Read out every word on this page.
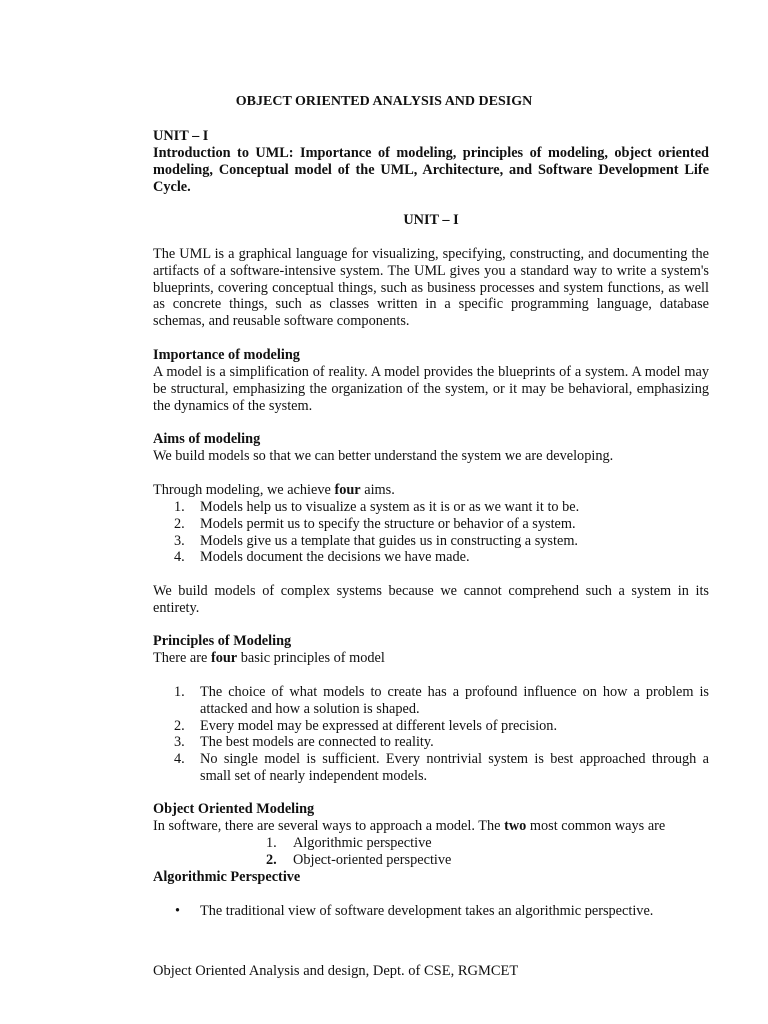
OBJECT ORIENTED ANALYSIS AND DESIGN
UNIT – I
Introduction to UML: Importance of modeling, principles of modeling, object oriented modeling, Conceptual model of the UML, Architecture, and Software Development Life Cycle.
UNIT – I
The UML is a graphical language for visualizing, specifying, constructing, and documenting the artifacts of a software-intensive system. The UML gives you a standard way to write a system's blueprints, covering conceptual things, such as business processes and system functions, as well as concrete things, such as classes written in a specific programming language, database schemas, and reusable software components.
Importance of modeling
A model is a simplification of reality. A model provides the blueprints of a system. A model may be structural, emphasizing the organization of the system, or it may be behavioral, emphasizing the dynamics of the system.
Aims of modeling
We build models so that we can better understand the system we are developing.
Through modeling, we achieve four aims.
1. Models help us to visualize a system as it is or as we want it to be.
2. Models permit us to specify the structure or behavior of a system.
3. Models give us a template that guides us in constructing a system.
4. Models document the decisions we have made.
We build models of complex systems because we cannot comprehend such a system in its entirety.
Principles of Modeling
There are four basic principles of model
1. The choice of what models to create has a profound influence on how a problem is attacked and how a solution is shaped.
2. Every model may be expressed at different levels of precision.
3. The best models are connected to reality.
4. No single model is sufficient. Every nontrivial system is best approached through a small set of nearly independent models.
Object Oriented Modeling
In software, there are several ways to approach a model. The two most common ways are
1. Algorithmic perspective
2. Object-oriented perspective
Algorithmic Perspective
•	The traditional view of software development takes an algorithmic perspective.
Object Oriented Analysis and design, Dept. of CSE, RGMCET
